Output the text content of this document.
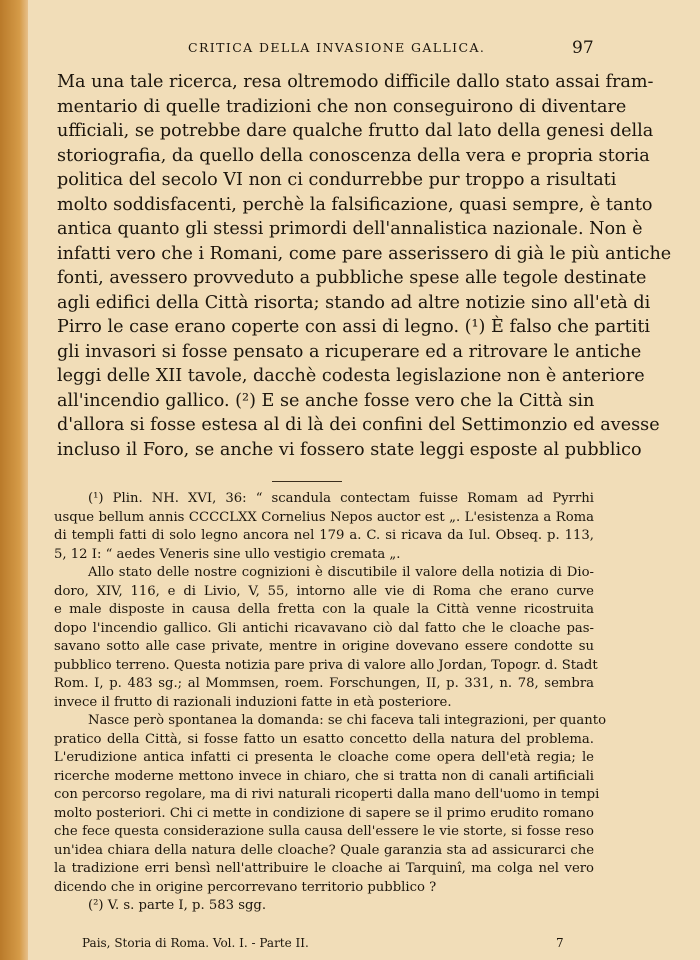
CRITICA DELLA INVASIONE GALLICA.	97
Ma una tale ricerca, resa oltremodo difficile dallo stato assai fram-
mentario di quelle tradizioni che non conseguirono di diventare
ufficiali, se potrebbe dare qualche frutto dal lato della genesi della
storiografia, da quello della conoscenza della vera e propria storia
politica del secolo VI non ci condurrebbe pur troppo a risultati
molto soddisfacenti, perchè la falsificazione, quasi sempre, è tanto
antica quanto gli stessi primordi dell'annalistica nazionale. Non è
infatti vero che i Romani, come pare asserissero di già le più antiche
fonti, avessero provveduto a pubbliche spese alle tegole destinate
agli edifici della Città risorta; stando ad altre notizie sino all'età di
Pirro le case erano coperte con assi di legno. (¹) È falso che partiti
gli invasori si fosse pensato a ricuperare ed a ritrovare le antiche
leggi delle XII tavole, dacchè codesta legislazione non è anteriore
all'incendio gallico. (²) E se anche fosse vero che la Città sin
d'allora si fosse estesa al di là dei confini del Settimonzio ed avesse
incluso il Foro, se anche vi fossero state leggi esposte al pubblico
(¹) Plin. NH. XVI, 36: “ scandula contectam fuisse Romam ad Pyrrhi
usque bellum annis CCCCLXX Cornelius Nepos auctor est „. L'esistenza a Roma
di templi fatti di solo legno ancora nel 179 a. C. si ricava da Iul. Obseq. p. 113,
5, 12 I: “ aedes Veneris sine ullo vestigio cremata „.
Allo stato delle nostre cognizioni è discutibile il valore della notizia di Dio-
doro, XIV, 116, e di Livio, V, 55, intorno alle vie di Roma che erano curve
e male disposte in causa della fretta con la quale la Città venne ricostruita
dopo l'incendio gallico. Gli antichi ricavavano ciò dal fatto che le cloache pas-
savano sotto alle case private, mentre in origine dovevano essere condotte su
pubblico terreno. Questa notizia pare priva di valore allo Jordan, Topogr. d. Stadt
Rom. I, p. 483 sg.; al Mommsen, roem. Forschungen, II, p. 331, n. 78, sembra
invece il frutto di razionali induzioni fatte in età posteriore.
Nasce però spontanea la domanda: se chi faceva tali integrazioni, per quanto
pratico della Città, si fosse fatto un esatto concetto della natura del problema.
L'erudizione antica infatti ci presenta le cloache come opera dell'età regia; le
ricerche moderne mettono invece in chiaro, che si tratta non di canali artificiali
con percorso regolare, ma di rivi naturali ricoperti dalla mano dell'uomo in tempi
molto posteriori. Chi ci mette in condizione di sapere se il primo erudito romano
che fece questa considerazione sulla causa dell'essere le vie storte, si fosse reso
un'idea chiara della natura delle cloache? Quale garanzia sta ad assicurarci che
la tradizione erri bensì nell'attribuire le cloache ai Tarquinî, ma colga nel vero
dicendo che in origine percorrevano territorio pubblico ?
(²) V. s. parte I, p. 583 sgg.
Pais, Storia di Roma. Vol. I. - Parte II.	7
